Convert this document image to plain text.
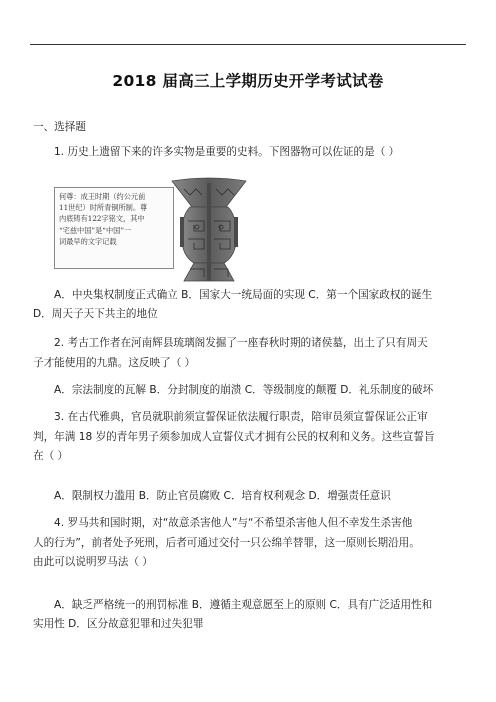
2018 届高三上学期历史开学考试试卷
一、选择题
1. 历史上遗留下来的许多实物是重要的史料。下图器物可以佐证的是（ ）
何尊：成王时期（约公元前
11世纪）时所青铜所制。尊
内底铸有122字铭文，其中
“宅兹中国”是“中国”一
词最早的文字记载
A．中央集权制度正式确立 B．国家大一统局面的实现 C．第一个国家政权的诞生
D．周天子天下共主的地位
2. 考古工作者在河南辉县琉璃阁发掘了一座春秋时期的诸侯墓，出土了只有周天
子才能使用的九鼎。这反映了（ ）
A．宗法制度的瓦解 B．分封制度的崩溃 C．等级制度的颠覆 D．礼乐制度的破坏
3. 在古代雅典，官员就职前须宣誓保证依法履行职责，陪审员须宣誓保证公正审
判，年满 18 岁的青年男子须参加成人宣誓仪式才拥有公民的权利和义务。这些宣誓旨
在（ ）
A．限制权力滥用 B．防止官员腐败 C．培育权利观念 D．增强责任意识
4. 罗马共和国时期，对“故意杀害他人”与“不希望杀害他人但不幸发生杀害他
人的行为”，前者处予死刑，后者可通过交付一只公绵羊替罪，这一原则长期沿用。
由此可以说明罗马法（ ）
A．缺乏严格统一的刑罚标准 B．遵循主观意愿至上的原则 C．具有广泛适用性和
实用性 D．区分故意犯罪和过失犯罪
